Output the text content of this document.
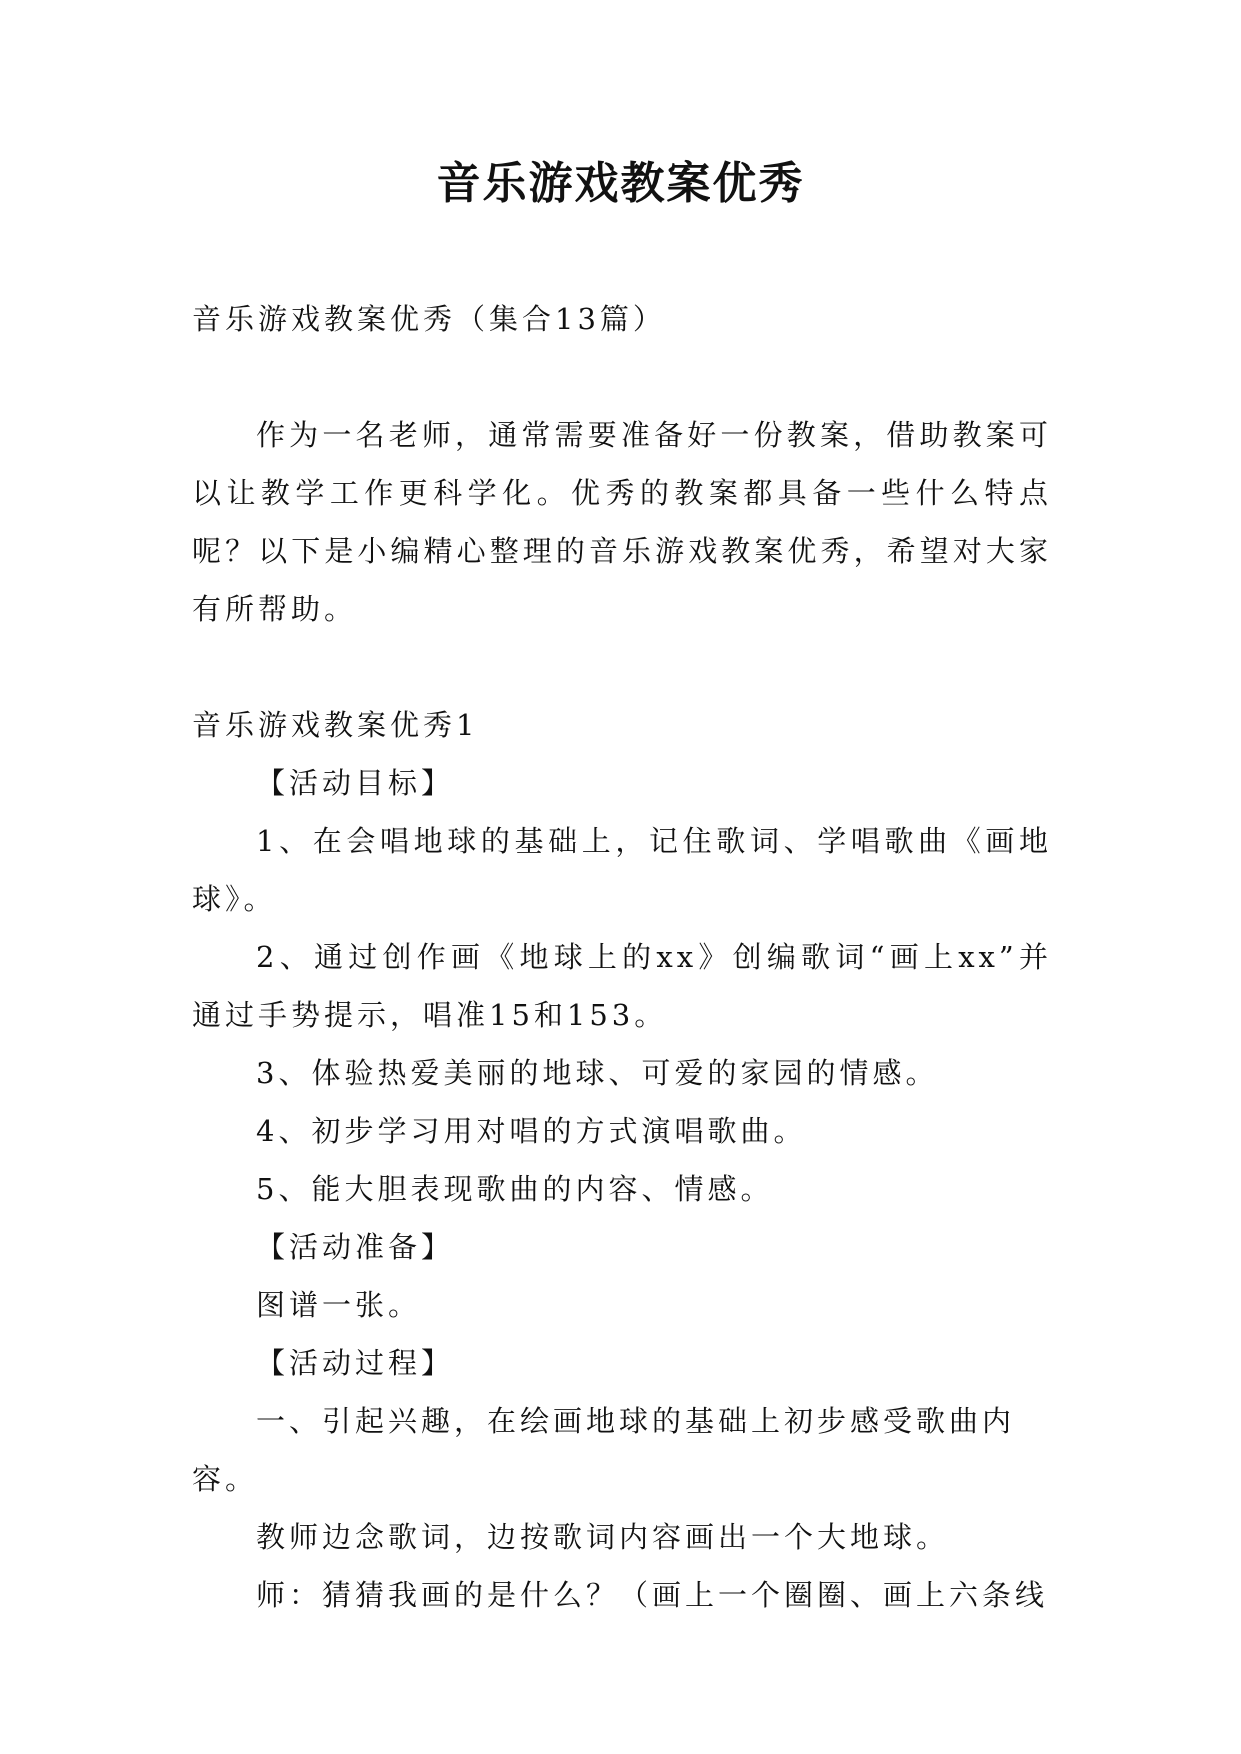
音乐游戏教案优秀

音乐游戏教案优秀（集合13篇）

作为一名老师，通常需要准备好一份教案，借助教案可以让教学工作更科学化。优秀的教案都具备一些什么特点呢？以下是小编精心整理的音乐游戏教案优秀，希望对大家有所帮助。

音乐游戏教案优秀1

【活动目标】

1、在会唱地球的基础上，记住歌词、学唱歌曲《画地球》。

2、通过创作画《地球上的xx》创编歌词“画上xx”并通过手势提示，唱准15和153。

3、体验热爱美丽的地球、可爱的家园的情感。

4、初步学习用对唱的方式演唱歌曲。

5、能大胆表现歌曲的内容、情感。

【活动准备】

图谱一张。

【活动过程】

一、引起兴趣，在绘画地球的基础上初步感受歌曲内容。

教师边念歌词，边按歌词内容画出一个大地球。

师：猜猜我画的是什么？（画上一个圈圈、画上六条线
